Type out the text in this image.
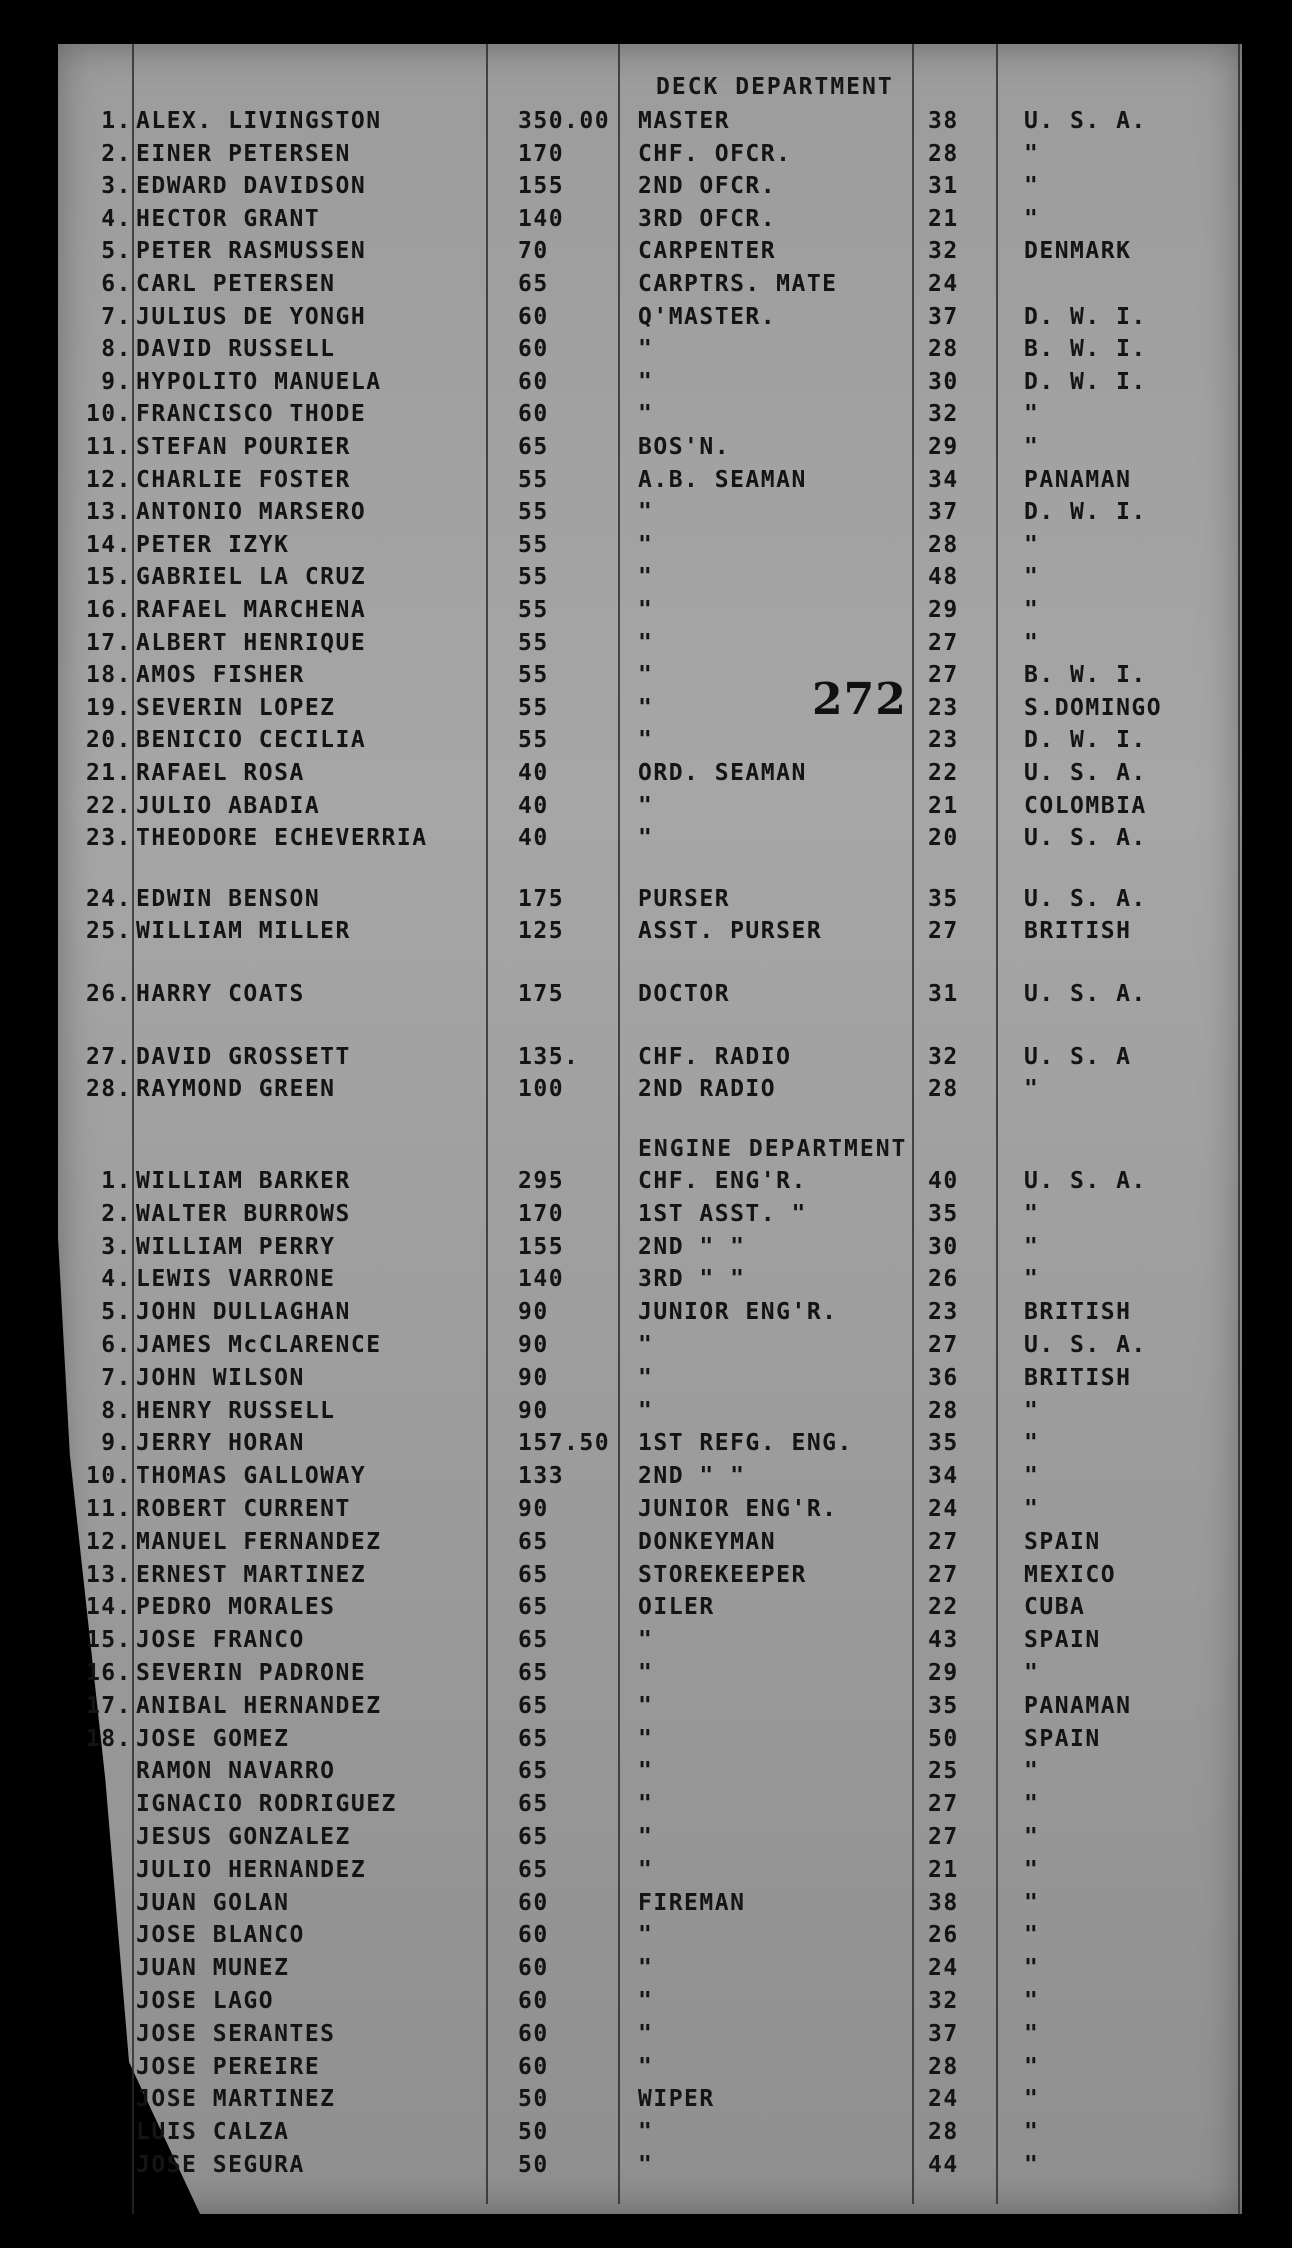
DECK DEPARTMENT
ENGINE DEPARTMENT
272
1. ALEX. LIVINGSTON	350.00 MASTER	38	U. S. A.
2. EINER PETERSEN	170	CHF. OFCR.	28	"
3. EDWARD DAVIDSON	155	2ND OFCR.	31	"
4. HECTOR GRANT	140	3RD OFCR.	21	"
5. PETER RASMUSSEN	70	CARPENTER	32	DENMARK
6. CARL PETERSEN	65	CARPTRS. MATE	24
7. JULIUS DE YONGH	60	Q'MASTER.	37	D. W. I.
8. DAVID RUSSELL	60	"	28	B. W. I.
9. HYPOLITO MANUELA	60	"	30	D. W. I.
10. FRANCISCO THODE	60	"	32	"
11. STEFAN POURIER	65	BOS'N.	29	"
12. CHARLIE FOSTER	55	A.B. SEAMAN	34	PANAMAN
13. ANTONIO MARSERO	55	"	37	D. W. I.
14. PETER IZYK	55	"	28	"
15. GABRIEL LA CRUZ	55	"	48	"
16. RAFAEL MARCHENA	55	"	29	"
17. ALBERT HENRIQUE	55	"	27	"
18. AMOS FISHER	55	"	27	B. W. I.
19. SEVERIN LOPEZ	55	"	23	S.DOMINGO
20. BENICIO CECILIA	55	"	23	D. W. I.
21. RAFAEL ROSA	40	ORD. SEAMAN	22	U. S. A.
22. JULIO ABADIA	40	"	21	COLOMBIA
23. THEODORE ECHEVERRIA	40	"	20	U. S. A.
24. EDWIN BENSON	175	PURSER	35	U. S. A.
25. WILLIAM MILLER	125	ASST. PURSER	27	BRITISH
26. HARRY COATS	175	DOCTOR	31	U. S. A.
27. DAVID GROSSETT	135.	CHF. RADIO	32	U. S. A
28. RAYMOND GREEN	100	2ND RADIO	28	"
1. WILLIAM BARKER	295	CHF. ENG'R.	40	U. S. A.
2. WALTER BURROWS	170	1ST ASST. "	35	"
3. WILLIAM PERRY	155	2ND " "	30	"
4. LEWIS VARRONE	140	3RD " "	26	"
5. JOHN DULLAGHAN	90	JUNIOR ENG'R.	23	BRITISH
6. JAMES McCLARENCE	90	"	27	U. S. A.
7. JOHN WILSON	90	"	36	BRITISH
8. HENRY RUSSELL	90	"	28	"
9. JERRY HORAN	157.50 1ST REFG. ENG.	35	"
10. THOMAS GALLOWAY	133	2ND " "	34	"
11. ROBERT CURRENT	90	JUNIOR ENG'R.	24	"
12. MANUEL FERNANDEZ	65	DONKEYMAN	27	SPAIN
13. ERNEST MARTINEZ	65	STOREKEEPER	27	MEXICO
14. PEDRO MORALES	65	OILER	22	CUBA
15. JOSE FRANCO	65	"	43	SPAIN
16. SEVERIN PADRONE	65	"	29	"
17. ANIBAL HERNANDEZ	65	"	35	PANAMAN
18. JOSE GOMEZ	65	"	50	SPAIN
RAMON NAVARRO	65	"	25	"
IGNACIO RODRIGUEZ	65	"	27	"
JESUS GONZALEZ	65	"	27	"
JULIO HERNANDEZ	65	"	21	"
JUAN GOLAN	60	FIREMAN	38	"
JOSE BLANCO	60	"	26	"
JUAN MUNEZ	60	"	24	"
JOSE LAGO	60	"	32	"
JOSE SERANTES	60	"	37	"
JOSE PEREIRE	60	"	28	"
JOSE MARTINEZ	50	WIPER	24	"
LUIS CALZA	50	"	28	"
JOSE SEGURA	50	"	44	"
